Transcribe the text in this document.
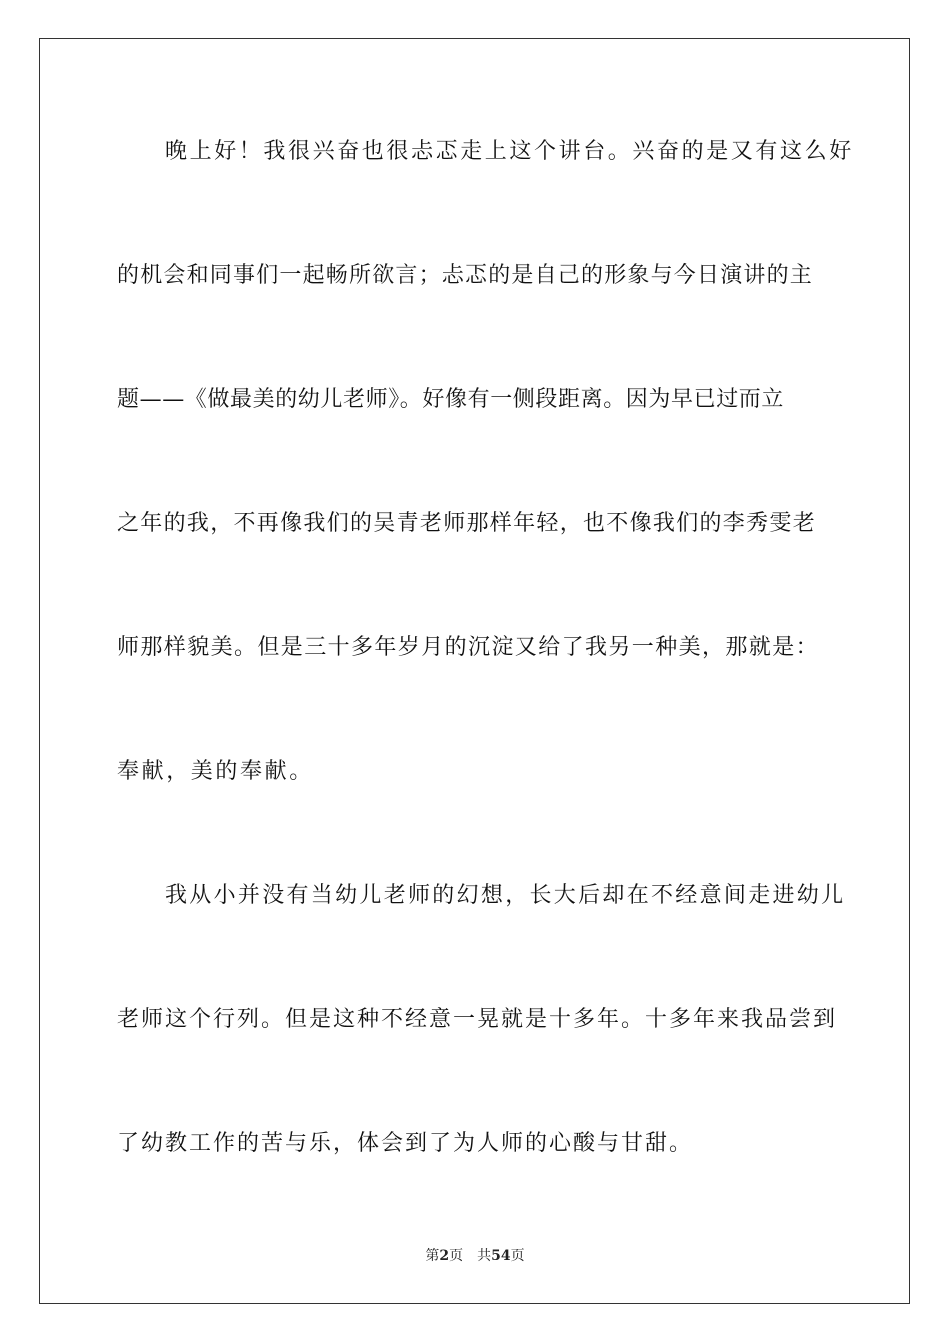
晚上好！我很兴奋也很忐忑走上这个讲台。兴奋的是又有这么好
的机会和同事们一起畅所欲言；忐忑的是自己的形象与今日演讲的主
题——《做最美的幼儿老师》。好像有一侧段距离。因为早已过而立
之年的我，不再像我们的吴青老师那样年轻，也不像我们的李秀雯老
师那样貌美。但是三十多年岁月的沉淀又给了我另一种美，那就是：
奉献，美的奉献。
我从小并没有当幼儿老师的幻想，长大后却在不经意间走进幼儿
老师这个行列。但是这种不经意一晃就是十多年。十多年来我品尝到
了幼教工作的苦与乐，体会到了为人师的心酸与甘甜。
第2页 共54页
